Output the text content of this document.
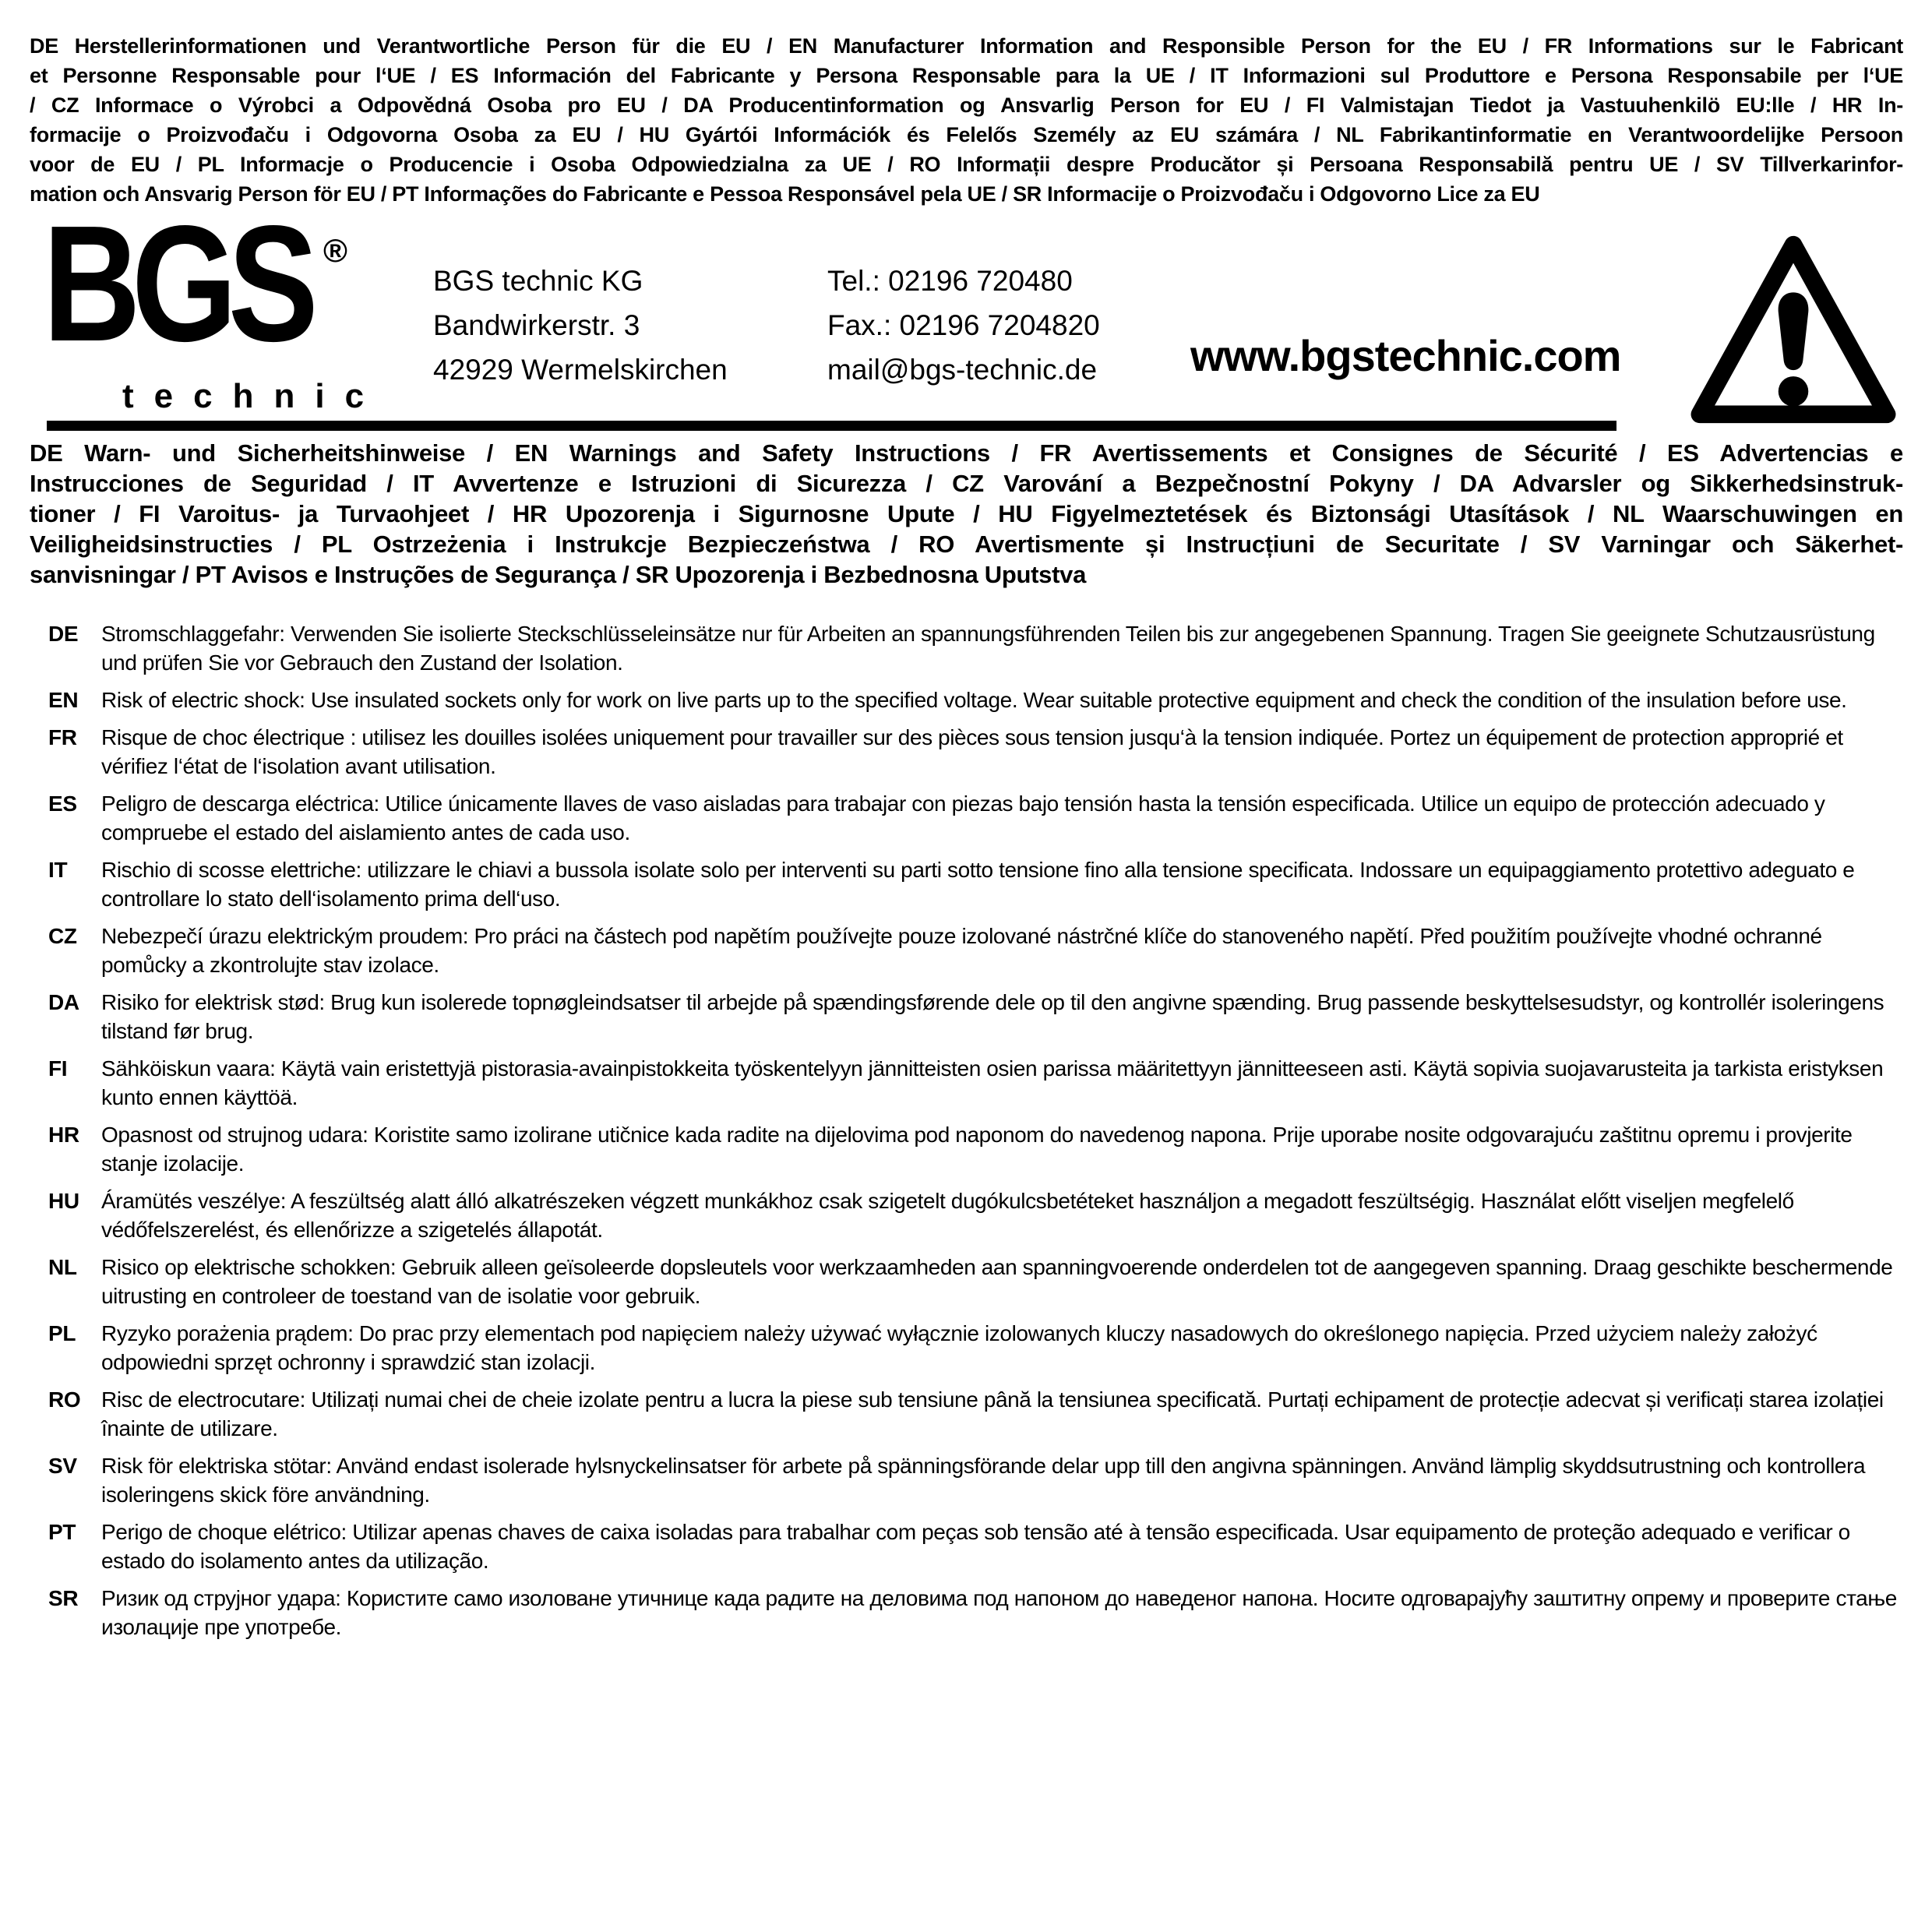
DE Herstellerinformationen und Verantwortliche Person für die EU / EN Manufacturer Information and Responsible Person for the EU / FR Informations sur le Fabricant
et Personne Responsable pour l‘UE / ES Información del Fabricante y Persona Responsable para la UE / IT Informazioni sul Produttore e Persona Responsabile per l‘UE
/ CZ Informace o Výrobci a Odpovědná Osoba pro EU / DA Producentinformation og Ansvarlig Person for EU / FI Valmistajan Tiedot ja Vastuuhenkilö EU:lle / HR In-
formacije o Proizvođaču i Odgovorna Osoba za EU / HU Gyártói Információk és Felelős Személy az EU számára / NL Fabrikantinformatie en Verantwoordelijke Persoon
voor de EU / PL Informacje o Producencie i Osoba Odpowiedzialna za UE / RO Informații despre Producător și Persoana Responsabilă pentru UE / SV Tillverkarinfor-
mation och Ansvarig Person för EU / PT Informações do Fabricante e Pessoa Responsável pela UE / SR Informacije o Proizvođaču i Odgovorno Lice za EU
BGS ®
technic
BGS technic KG
Bandwirkerstr. 3
42929 Wermelskirchen
Tel.: 02196 720480
Fax.: 02196 7204820
mail@bgs-technic.de www.bgstechnic.com
DE Warn- und Sicherheitshinweise / EN Warnings and Safety Instructions / FR Avertissements et Consignes de Sécurité / ES Advertencias e
Instrucciones de Seguridad / IT Avvertenze e Istruzioni di Sicurezza / CZ Varování a Bezpečnostní Pokyny / DA Advarsler og Sikkerhedsinstruk-
tioner / FI Varoitus- ja Turvaohjeet / HR Upozorenja i Sigurnosne Upute / HU Figyelmeztetések és Biztonsági Utasítások / NL Waarschuwingen en
Veiligheidsinstructies / PL Ostrzeżenia i Instrukcje Bezpieczeństwa / RO Avertismente și Instrucțiuni de Securitate / SV Varningar och Säkerhet-
sanvisningar / PT Avisos e Instruções de Segurança / SR Upozorenja i Bezbednosna Uputstva
DE	Stromschlaggefahr: Verwenden Sie isolierte Steckschlüsseleinsätze nur für Arbeiten an spannungsführenden Teilen bis zur angegebenen Spannung. Tragen Sie geeignete Schutzausrüstung und prüfen Sie vor Gebrauch den Zustand der Isolation.

EN	Risk of electric shock: Use insulated sockets only for work on live parts up to the specified voltage. Wear suitable protective equipment and check the condition of the insulation before use.

FR	Risque de choc électrique : utilisez les douilles isolées uniquement pour travailler sur des pièces sous tension jusqu‘à la tension indiquée. Portez un équipement de protection approprié et vérifiez l‘état de l‘isolation avant utilisation.

ES	Peligro de descarga eléctrica: Utilice únicamente llaves de vaso aisladas para trabajar con piezas bajo tensión hasta la tensión especificada. Utilice un equipo de protección adecuado y compruebe el estado del aislamiento antes de cada uso.

IT	Rischio di scosse elettriche: utilizzare le chiavi a bussola isolate solo per interventi su parti sotto tensione fino alla tensione specificata. Indossare un equipaggiamento protettivo adeguato e controllare lo stato dell‘isolamento prima dell‘uso.

CZ	Nebezpečí úrazu elektrickým proudem: Pro práci na částech pod napětím používejte pouze izolované nástrčné klíče do stanoveného napětí. Před použitím používejte vhodné ochranné pomůcky a zkontrolujte stav izolace.

DA	Risiko for elektrisk stød: Brug kun isolerede topnøgleindsatser til arbejde på spændingsførende dele op til den angivne spænding. Brug passende beskyttelsesudstyr, og kontrollér isoleringens tilstand før brug.

FI	Sähköiskun vaara: Käytä vain eristettyjä pistorasia-avainpistokkeita työskentelyyn jännitteisten osien parissa määritettyyn jännitteeseen asti. Käytä sopivia suojavarusteita ja tarkista eristyksen kunto ennen käyttöä.

HR	Opasnost od strujnog udara: Koristite samo izolirane utičnice kada radite na dijelovima pod naponom do navedenog napona. Prije uporabe nosite odgovarajuću zaštitnu opremu i provjerite stanje izolacije.

HU	Áramütés veszélye: A feszültség alatt álló alkatrészeken végzett munkákhoz csak szigetelt dugókulcsbetéteket használjon a megadott feszültségig. Használat előtt viseljen megfelelő védőfelszerelést, és ellenőrizze a szigetelés állapotát.

NL	Risico op elektrische schokken: Gebruik alleen geïsoleerde dopsleutels voor werkzaamheden aan spanningvoerende onderdelen tot de aangegeven spanning. Draag geschikte beschermende uitrusting en controleer de toestand van de isolatie voor gebruik.

PL	Ryzyko porażenia prądem: Do prac przy elementach pod napięciem należy używać wyłącznie izolowanych kluczy nasadowych do określonego napięcia. Przed użyciem należy założyć odpowiedni sprzęt ochronny i sprawdzić stan izolacji.

RO Risc de electrocutare: Utilizați numai chei de cheie izolate pentru a lucra la piese sub tensiune până la tensiunea specificată. Purtați echipament de protecție adecvat și verificați starea izolației înainte de utilizare.

SV	Risk för elektriska stötar: Använd endast isolerade hylsnyckelinsatser för arbete på spänningsförande delar upp till den angivna spänningen. Använd lämplig skyddsutrustning och kontrollera isoleringens skick före användning.

PT	Perigo de choque elétrico: Utilizar apenas chaves de caixa isoladas para trabalhar com peças sob tensão até à tensão especificada. Usar equipamento de proteção adequado e verificar o estado do isolamento antes da utilização.

SR	Ризик од струјног удара: Користите само изоловане утичнице када радите на деловима под напоном до наведеног напона. Носите одговарајућу заштитну опрему и проверите стање изолације пре употребе.
